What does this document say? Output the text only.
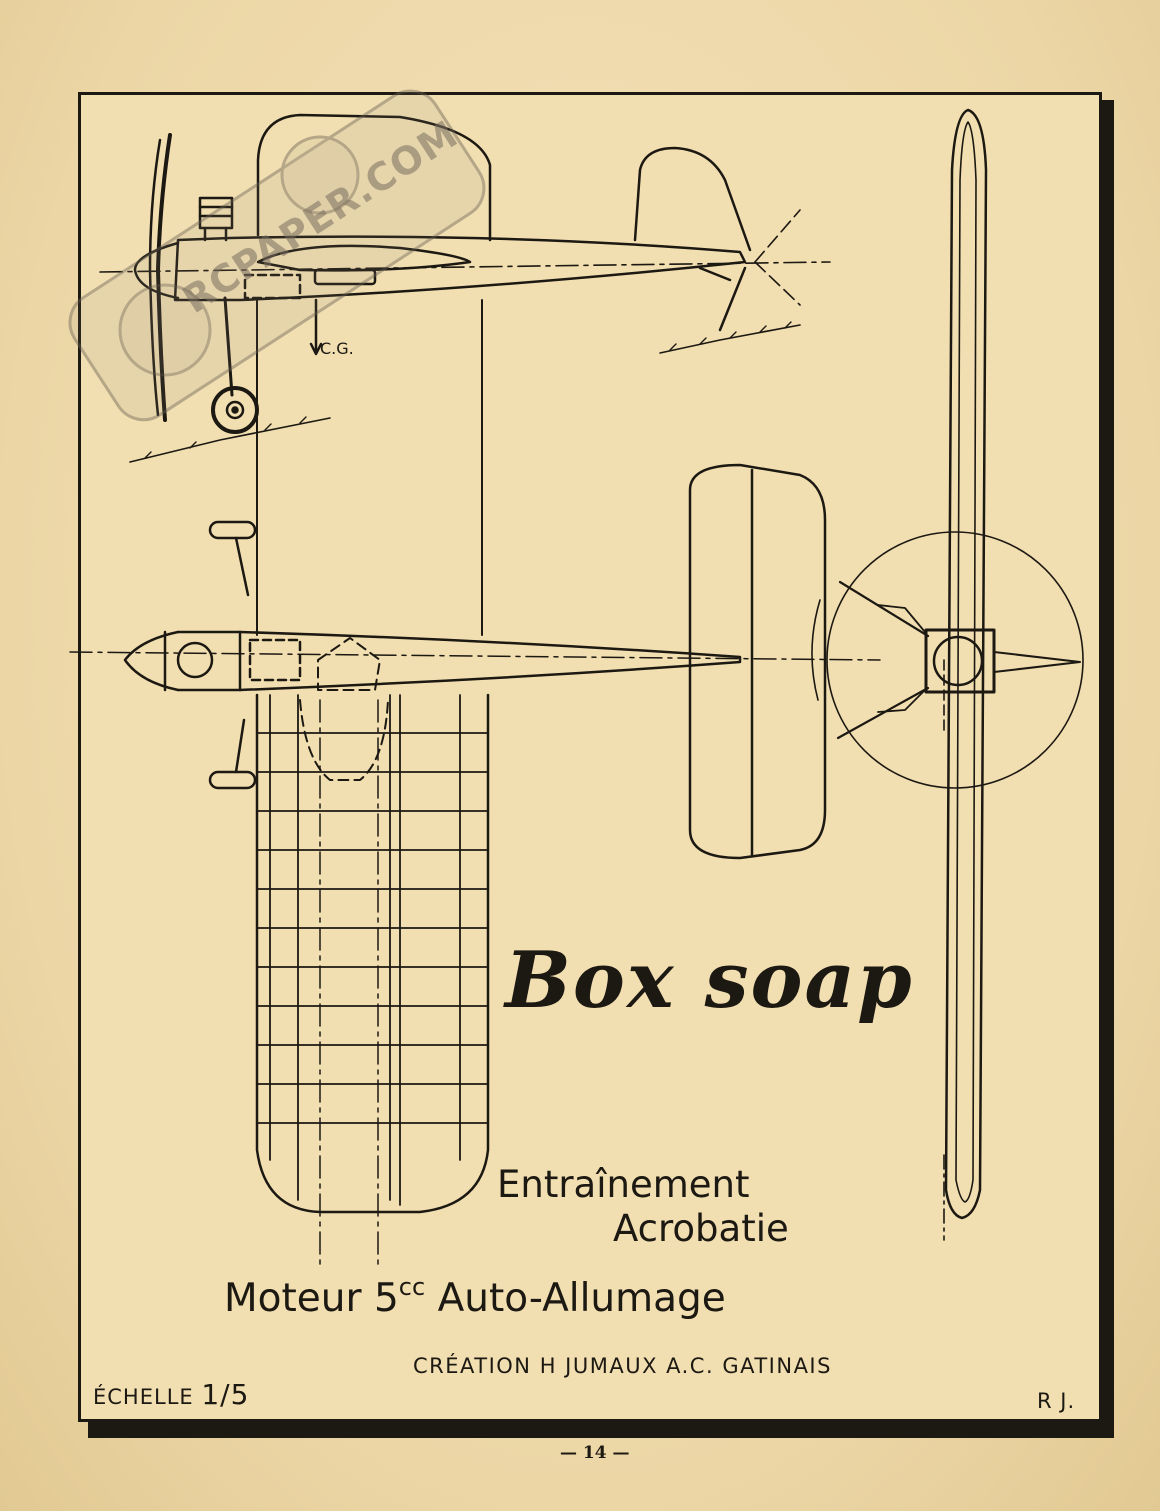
RCPAPER.COM
C.G.
Box soap
Entraînement
Acrobatie
Moteur $5^{cc}$ Auto-Allumage
CRÉATION H JUMAUX A.C. GATINAIS
ÉCHELLE 1/5	R J.
— 14 —
